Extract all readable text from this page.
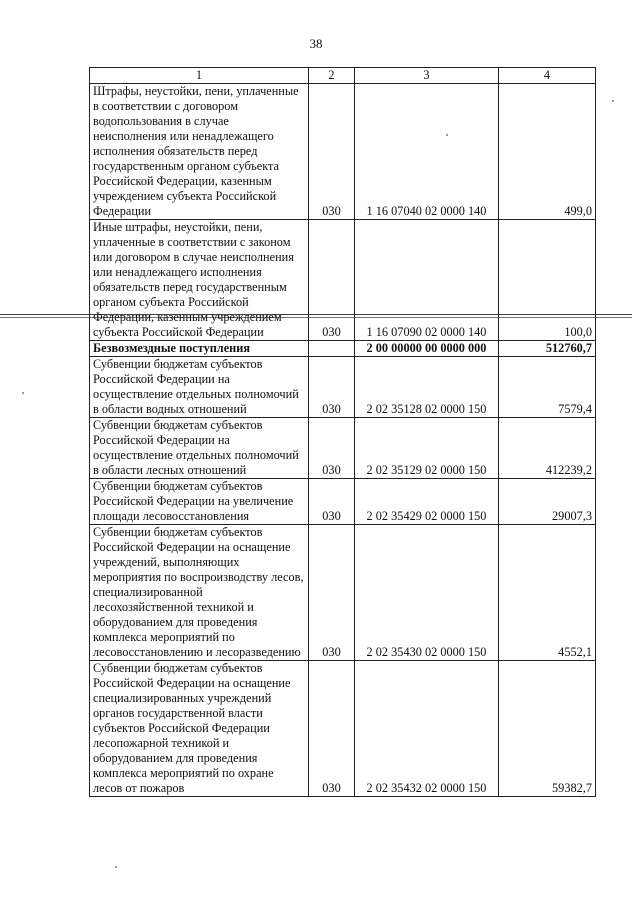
38
1	2	3	4
Штрафы, неустойки, пени, уплаченные в соответствии с договором водопользования в случае неисполнения или ненадлежащего исполнения обязательств перед государственным органом субъекта Российской Федерации, казенным учреждением субъекта Российской Федерации	030	1 16 07040 02 0000 140	499,0
Иные штрафы, неустойки, пени, уплаченные в соответствии с законом или договором в случае неисполнения или ненадлежащего исполнения обязательств перед государственным органом субъекта Российской Федерации, казенным учреждением субъекта Российской Федерации	030	1 16 07090 02 0000 140	100,0
Безвозмездные поступления		2 00 00000 00 0000 000	512760,7
Субвенции бюджетам субъектов Российской Федерации на осуществление отдельных полномочий в области водных отношений	030	2 02 35128 02 0000 150	7579,4
Субвенции бюджетам субъектов Российской Федерации на осуществление отдельных полномочий в области лесных отношений	030	2 02 35129 02 0000 150	412239,2
Субвенции бюджетам субъектов Российской Федерации на увеличение площади лесовосстановления	030	2 02 35429 02 0000 150	29007,3
Субвенции бюджетам субъектов Российской Федерации на оснащение учреждений, выполняющих мероприятия по воспроизводству лесов, специализированной лесохозяйственной техникой и оборудованием для проведения комплекса мероприятий по лесовосстановлению и лесоразведению	030	2 02 35430 02 0000 150	4552,1
Субвенции бюджетам субъектов Российской Федерации на оснащение специализированных учреждений органов государственной власти субъектов Российской Федерации лесопожарной техникой и оборудованием для проведения комплекса мероприятий по охране лесов от пожаров	030	2 02 35432 02 0000 150	59382,7
